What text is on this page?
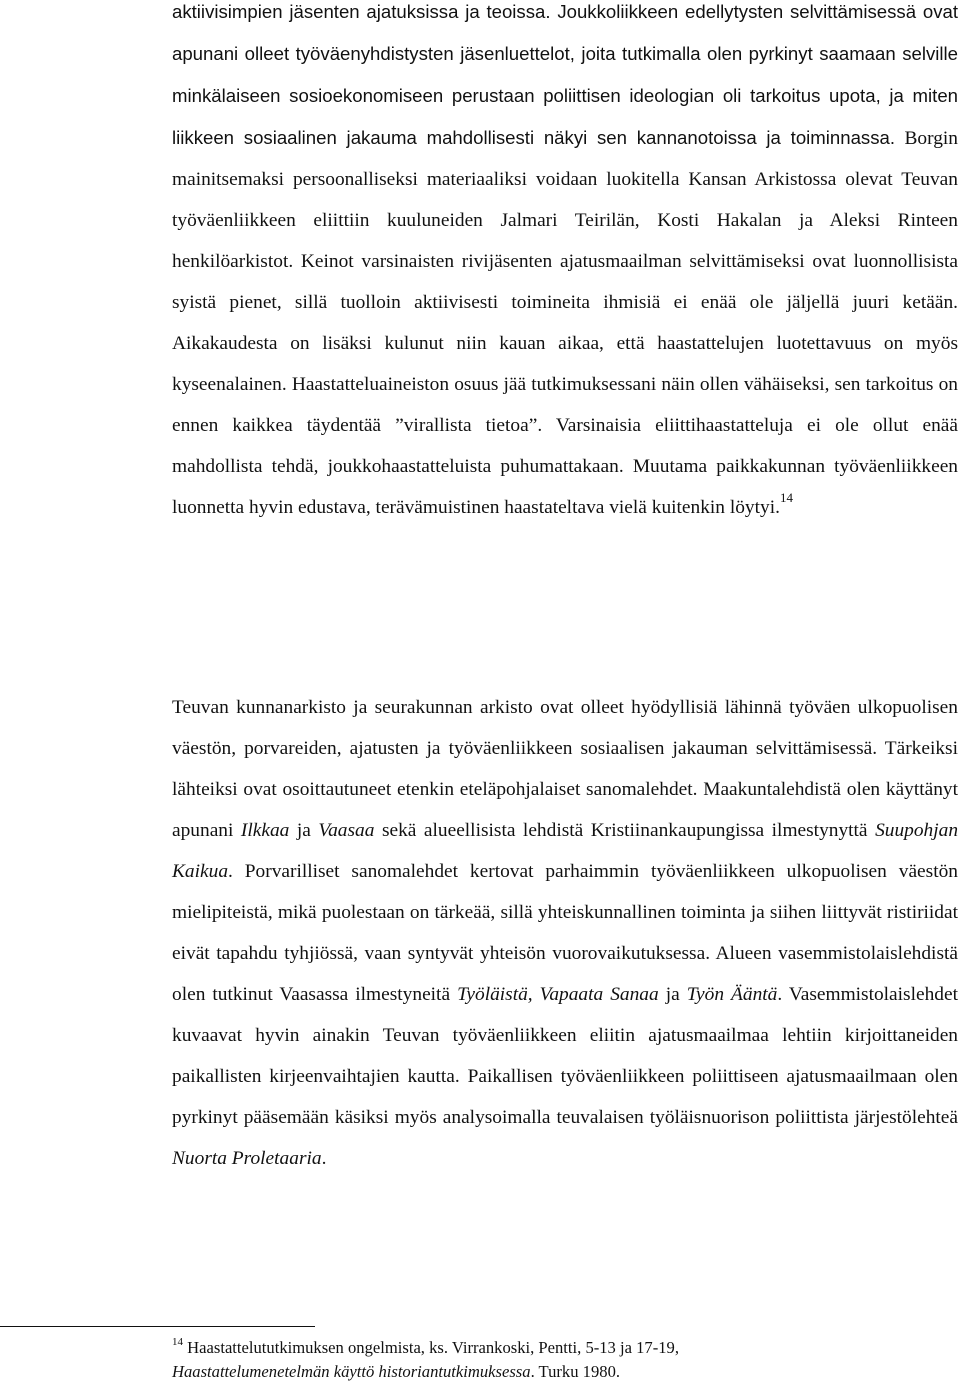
aktiivisimpien jäsenten ajatuksissa ja teoissa. Joukkoliikkeen edellytysten selvittämisessä ovat apunani olleet työväenyhdistysten jäsenluettelot, joita tutkimalla olen pyrkinyt saamaan selville minkälaiseen sosioekonomiseen perustaan poliittisen ideologian oli tarkoitus upota, ja miten liikkeen sosiaalinen jakauma mahdollisesti näkyi sen kannanotoissa ja toiminnassa. Borgin mainitsemaksi persoonalliseksi materiaaliksi voidaan luokitella Kansan Arkistossa olevat Teuvan työväenliikkeen eliittiin kuuluneiden Jalmari Teirilän, Kosti Hakalan ja Aleksi Rinteen henkilöarkistot. Keinot varsinaisten rivijäsenten ajatusmaailman selvittämiseksi ovat luonnollisista syistä pienet, sillä tuolloin aktiivisesti toimineita ihmisiä ei enää ole jäljellä juuri ketään. Aikakaudesta on lisäksi kulunut niin kauan aikaa, että haastattelujen luotettavuus on myös kyseenalainen. Haastatteluaineiston osuus jää tutkimuksessani näin ollen vähäiseksi, sen tarkoitus on ennen kaikkea täydentää ”virallista tietoa”. Varsinaisia eliittihaastatteluja ei ole ollut enää mahdollista tehdä, joukkohaastatteluista puhumattakaan. Muutama paikkakunnan työväenliikkeen luonnetta hyvin edustava, terävämuistinen haastateltava vielä kuitenkin löytyi.$^{14}$

Teuvan kunnanarkisto ja seurakunnan arkisto ovat olleet hyödyllisiä lähinnä työväen ulkopuolisen väestön, porvareiden, ajatusten ja työväenliikkeen sosiaalisen jakauman selvittämisessä. Tärkeiksi lähteiksi ovat osoittautuneet etenkin eteläpohjalaiset sanomalehdet. Maakuntalehdistä olen käyttänyt apunani Ilkkaa ja Vaasaa sekä alueellisista lehdistä Kristiinankaupungissa ilmestynyttä Suupohjan Kaikua. Porvarilliset sanomalehdet kertovat parhaimmin työväenliikkeen ulkopuolisen väestön mielipiteistä, mikä puolestaan on tärkeää, sillä yhteiskunnallinen toiminta ja siihen liittyvät ristiriidat eivät tapahdu tyhjiössä, vaan syntyvät yhteisön vuorovaikutuksessa. Alueen vasemmistolaislehdistä olen tutkinut Vaasassa ilmestyneitä Työläistä, Vapaata Sanaa ja Työn Ääntä. Vasemmistolaislehdet kuvaavat hyvin ainakin Teuvan työväenliikkeen eliitin ajatusmaailmaa lehtiin kirjoittaneiden paikallisten kirjeenvaihtajien kautta. Paikallisen työväenliikkeen poliittiseen ajatusmaailmaan olen pyrkinyt pääsemään käsiksi myös analysoimalla teuvalaisen työläisnuorison poliittista järjestölehteä Nuorta Proletaaria.

$^{14}$ Haastattelututkimuksen ongelmista, ks. Virrankoski, Pentti, 5-13 ja 17-19,
Haastattelumenetelmän käyttö historiantutkimuksessa. Turku 1980.
